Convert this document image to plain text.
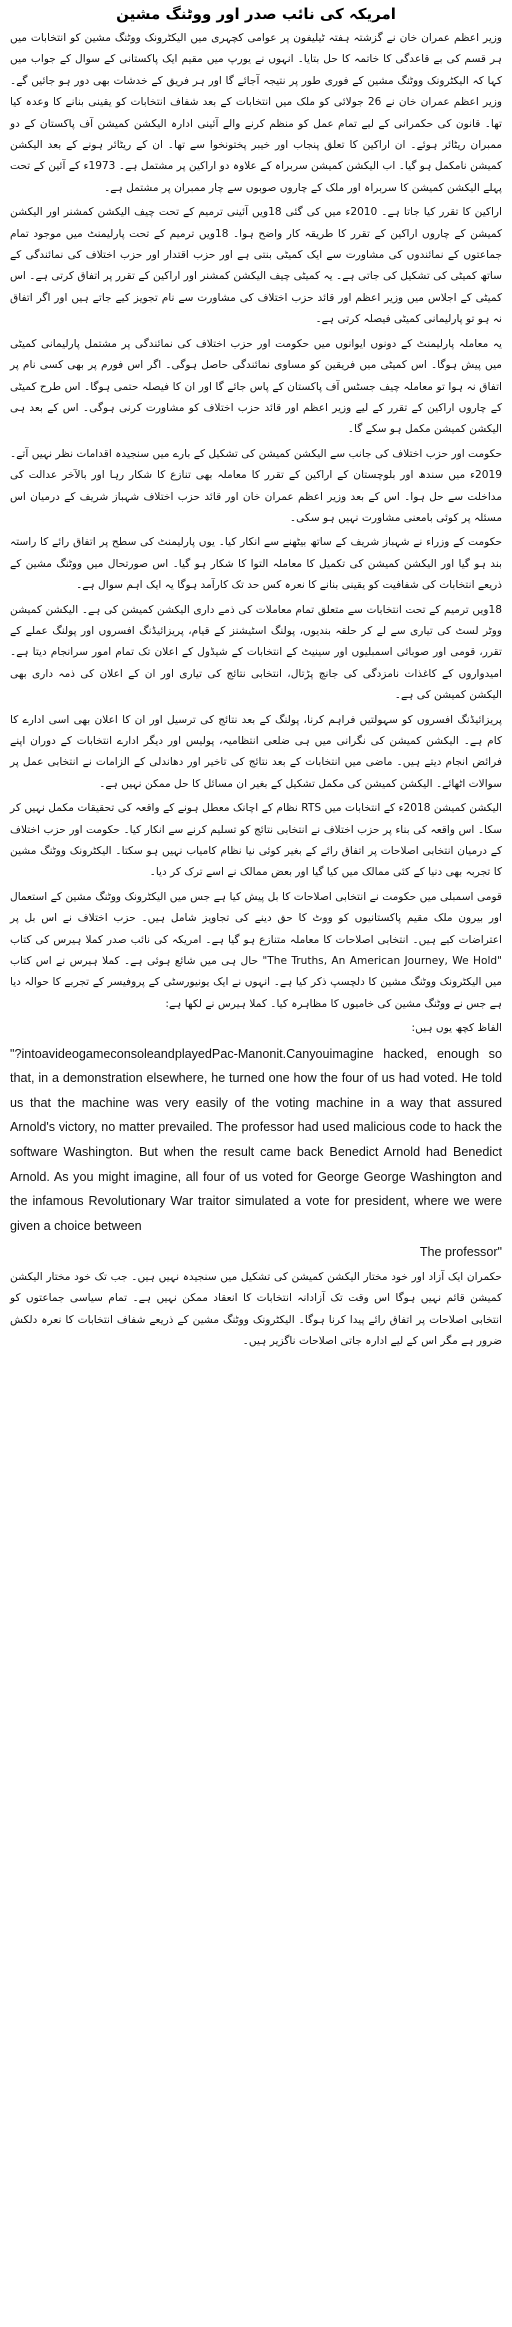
امریکہ کی نائب صدر اور ووٹنگ مشین

وزیر اعظم عمران خان نے گزشتہ ہفتہ ٹیلیفون پر عوامی کچہری میں الیکٹرونک ووٹنگ مشین کو انتخابات میں ہر قسم کی بے قاعدگی کا خاتمہ کا حل بتایا۔ انہوں نے یورپ میں مقیم ایک پاکستانی کے سوال کے جواب میں کہا کہ الیکٹرونک ووٹنگ مشین کے فوری طور پر نتیجہ آجائے گا اور ہر فریق کے خدشات بھی دور ہو جائیں گے۔ وزیر اعظم عمران خان نے 26 جولائی کو ملک میں انتخابات کے بعد شفاف انتخابات کو یقینی بنانے کا وعدہ کیا تھا۔ قانون کی حکمرانی کے لیے تمام عمل کو منظم کرنے والے آئینی ادارہ الیکشن کمیشن آف پاکستان کے دو ممبران ریٹائر ہوئے۔ ان اراکین کا تعلق پنجاب اور خیبر پختونخوا سے تھا۔ ان کے ریٹائر ہونے کے بعد الیکشن کمیشن نامکمل ہو گیا۔ اب الیکشن کمیشن سربراہ کے علاوہ دو اراکین پر مشتمل ہے۔ 1973ء کے آئین کے تحت پہلے الیکشن کمیشن کا سربراہ اور ملک کے چاروں صوبوں سے چار ممبران پر مشتمل ہے۔

اراکین کا تقرر کیا جاتا ہے۔ 2010ء میں کی گئی 18ویں آئینی ترمیم کے تحت چیف الیکشن کمشنر اور الیکشن کمیشن کے چاروں اراکین کے تقرر کا طریقہ کار واضح ہوا۔ 18ویں ترمیم کے تحت پارلیمنٹ میں موجود تمام جماعتوں کے نمائندوں کی مشاورت سے ایک کمیٹی بنتی ہے اور حزب اقتدار اور حزب اختلاف کی نمائندگی کے ساتھ کمیٹی کی تشکیل کی جاتی ہے۔ یہ کمیٹی چیف الیکشن کمشنر اور اراکین کے تقرر پر اتفاق کرتی ہے۔ اس کمیٹی کے اجلاس میں وزیر اعظم اور قائد حزب اختلاف کی مشاورت سے نام تجویز کیے جاتے ہیں اور اگر اتفاق نہ ہو تو پارلیمانی کمیٹی فیصلہ کرتی ہے۔

یہ معاملہ پارلیمنٹ کے دونوں ایوانوں میں حکومت اور حزب اختلاف کی نمائندگی پر مشتمل پارلیمانی کمیٹی میں پیش ہوگا۔ اس کمیٹی میں فریقین کو مساوی نمائندگی حاصل ہوگی۔ اگر اس فورم پر بھی کسی نام پر اتفاق نہ ہوا تو معاملہ چیف جسٹس آف پاکستان کے پاس جائے گا اور ان کا فیصلہ حتمی ہوگا۔ اس طرح کمیٹی کے چاروں اراکین کے تقرر کے لیے وزیر اعظم اور قائد حزب اختلاف کو مشاورت کرنی ہوگی۔ اس کے بعد ہی الیکشن کمیشن مکمل ہو سکے گا۔

حکومت اور حزب اختلاف کی جانب سے الیکشن کمیشن کی تشکیل کے بارے میں سنجیدہ اقدامات نظر نہیں آتے۔ 2019ء میں سندھ اور بلوچستان کے اراکین کے تقرر کا معاملہ بھی تنازع کا شکار رہا اور بالآخر عدالت کی مداخلت سے حل ہوا۔ اس کے بعد وزیر اعظم عمران خان اور قائد حزب اختلاف شہباز شریف کے درمیان اس مسئلہ پر کوئی بامعنی مشاورت نہیں ہو سکی۔

حکومت کے وزراء نے شہباز شریف کے ساتھ بیٹھنے سے انکار کیا۔ یوں پارلیمنٹ کی سطح پر اتفاق رائے کا راستہ بند ہو گیا اور الیکشن کمیشن کی تکمیل کا معاملہ التوا کا شکار ہو گیا۔ اس صورتحال میں ووٹنگ مشین کے ذریعے انتخابات کی شفافیت کو یقینی بنانے کا نعرہ کس حد تک کارآمد ہوگا یہ ایک اہم سوال ہے۔

18ویں ترمیم کے تحت انتخابات سے متعلق تمام معاملات کی ذمے داری الیکشن کمیشن کی ہے۔ الیکشن کمیشن ووٹر لسٹ کی تیاری سے لے کر حلقہ بندیوں، پولنگ اسٹیشنز کے قیام، پریزائیڈنگ افسروں اور پولنگ عملے کے تقرر، قومی اور صوبائی اسمبلیوں اور سینیٹ کے انتخابات کے شیڈول کے اعلان تک تمام امور سرانجام دیتا ہے۔ امیدواروں کے کاغذات نامزدگی کی جانچ پڑتال، انتخابی نتائج کی تیاری اور ان کے اعلان کی ذمہ داری بھی الیکشن کمیشن کی ہے۔

پریزائیڈنگ افسروں کو سہولتیں فراہم کرنا، پولنگ کے بعد نتائج کی ترسیل اور ان کا اعلان بھی اسی ادارے کا کام ہے۔ الیکشن کمیشن کی نگرانی میں ہی ضلعی انتظامیہ، پولیس اور دیگر ادارے انتخابات کے دوران اپنے فرائض انجام دیتے ہیں۔ ماضی میں انتخابات کے بعد نتائج کی تاخیر اور دھاندلی کے الزامات نے انتخابی عمل پر سوالات اٹھائے۔ الیکشن کمیشن کی مکمل تشکیل کے بغیر ان مسائل کا حل ممکن نہیں ہے۔

الیکشن کمیشن 2018ء کے انتخابات میں RTS نظام کے اچانک معطل ہونے کے واقعہ کی تحقیقات مکمل نہیں کر سکا۔ اس واقعہ کی بناء پر حزب اختلاف نے انتخابی نتائج کو تسلیم کرنے سے انکار کیا۔ حکومت اور حزب اختلاف کے درمیان انتخابی اصلاحات پر اتفاق رائے کے بغیر کوئی نیا نظام کامیاب نہیں ہو سکتا۔ الیکٹرونک ووٹنگ مشین کا تجربہ بھی دنیا کے کئی ممالک میں کیا گیا اور بعض ممالک نے اسے ترک کر دیا۔

قومی اسمبلی میں حکومت نے انتخابی اصلاحات کا بل پیش کیا ہے جس میں الیکٹرونک ووٹنگ مشین کے استعمال اور بیرون ملک مقیم پاکستانیوں کو ووٹ کا حق دینے کی تجاویز شامل ہیں۔ حزب اختلاف نے اس بل پر اعتراضات کیے ہیں۔ انتخابی اصلاحات کا معاملہ متنازع ہو گیا ہے۔ امریکہ کی نائب صدر کملا ہیرس کی کتاب "The Truths, An American Journey, We Hold" حال ہی میں شائع ہوئی ہے۔ کملا ہیرس نے اس کتاب میں الیکٹرونک ووٹنگ مشین کا دلچسپ ذکر کیا ہے۔ انہوں نے ایک یونیورسٹی کے پروفیسر کے تجربے کا حوالہ دیا ہے جس نے ووٹنگ مشین کی خامیوں کا مظاہرہ کیا۔ کملا ہیرس نے لکھا ہے:

الفاظ کچھ یوں ہیں:

"?intoavideogameconsoleandplayedPac-Manonit.Canyouimagine hacked, enough so that, in a demonstration elsewhere, he turned one how the four of us had voted. He told us that the machine was very easily of the voting machine in a way that assured Arnold's victory, no matter prevailed. The professor had used malicious code to hack the software Washington. But when the result came back Benedict Arnold had Benedict Arnold. As you might imagine, all four of us voted for George George Washington and the infamous Revolutionary War traitor simulated a vote for president, where we were given a choice between

The professor"

حکمران ایک آزاد اور خود مختار الیکشن کمیشن کی تشکیل میں سنجیدہ نہیں ہیں۔ جب تک خود مختار الیکشن کمیشن قائم نہیں ہوگا اس وقت تک آزادانہ انتخابات کا انعقاد ممکن نہیں ہے۔ تمام سیاسی جماعتوں کو انتخابی اصلاحات پر اتفاق رائے پیدا کرنا ہوگا۔ الیکٹرونک ووٹنگ مشین کے ذریعے شفاف انتخابات کا نعرہ دلکش ضرور ہے مگر اس کے لیے ادارہ جاتی اصلاحات ناگزیر ہیں۔
